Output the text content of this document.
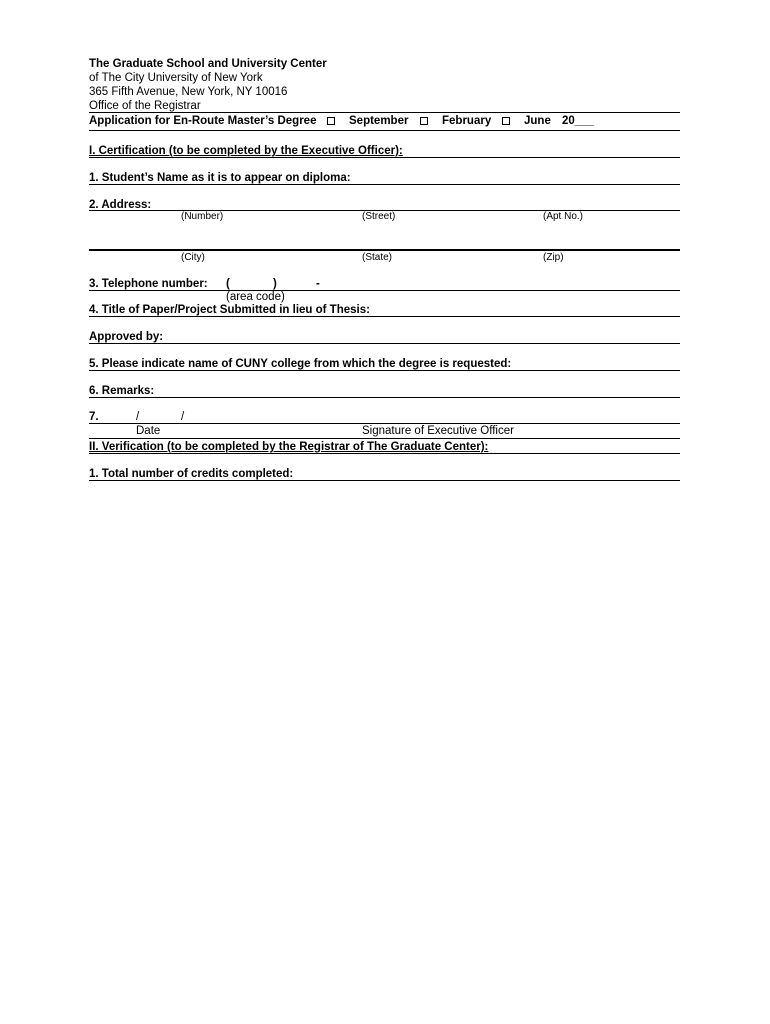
The Graduate School and University Center
of The City University of New York
365 Fifth Avenue, New York, NY 10016
Office of the Registrar
Application for En-Route Master’s Degree	September	February	June 20___
I. Certification (to be completed by the Executive Officer):
1. Student’s Name as it is to appear on diploma:
2. Address:
(Number)	(Street)	(Apt No.)
(City)	(State)	(Zip)
3. Telephone number: (	)	-
(area code)
4. Title of Paper/Project Submitted in lieu of Thesis:
Approved by:
5. Please indicate name of CUNY college from which the degree is requested:
6. Remarks:
7.	/	/
Date	Signature of Executive Officer
II. Verification (to be completed by the Registrar of The Graduate Center):
1. Total number of credits completed:
